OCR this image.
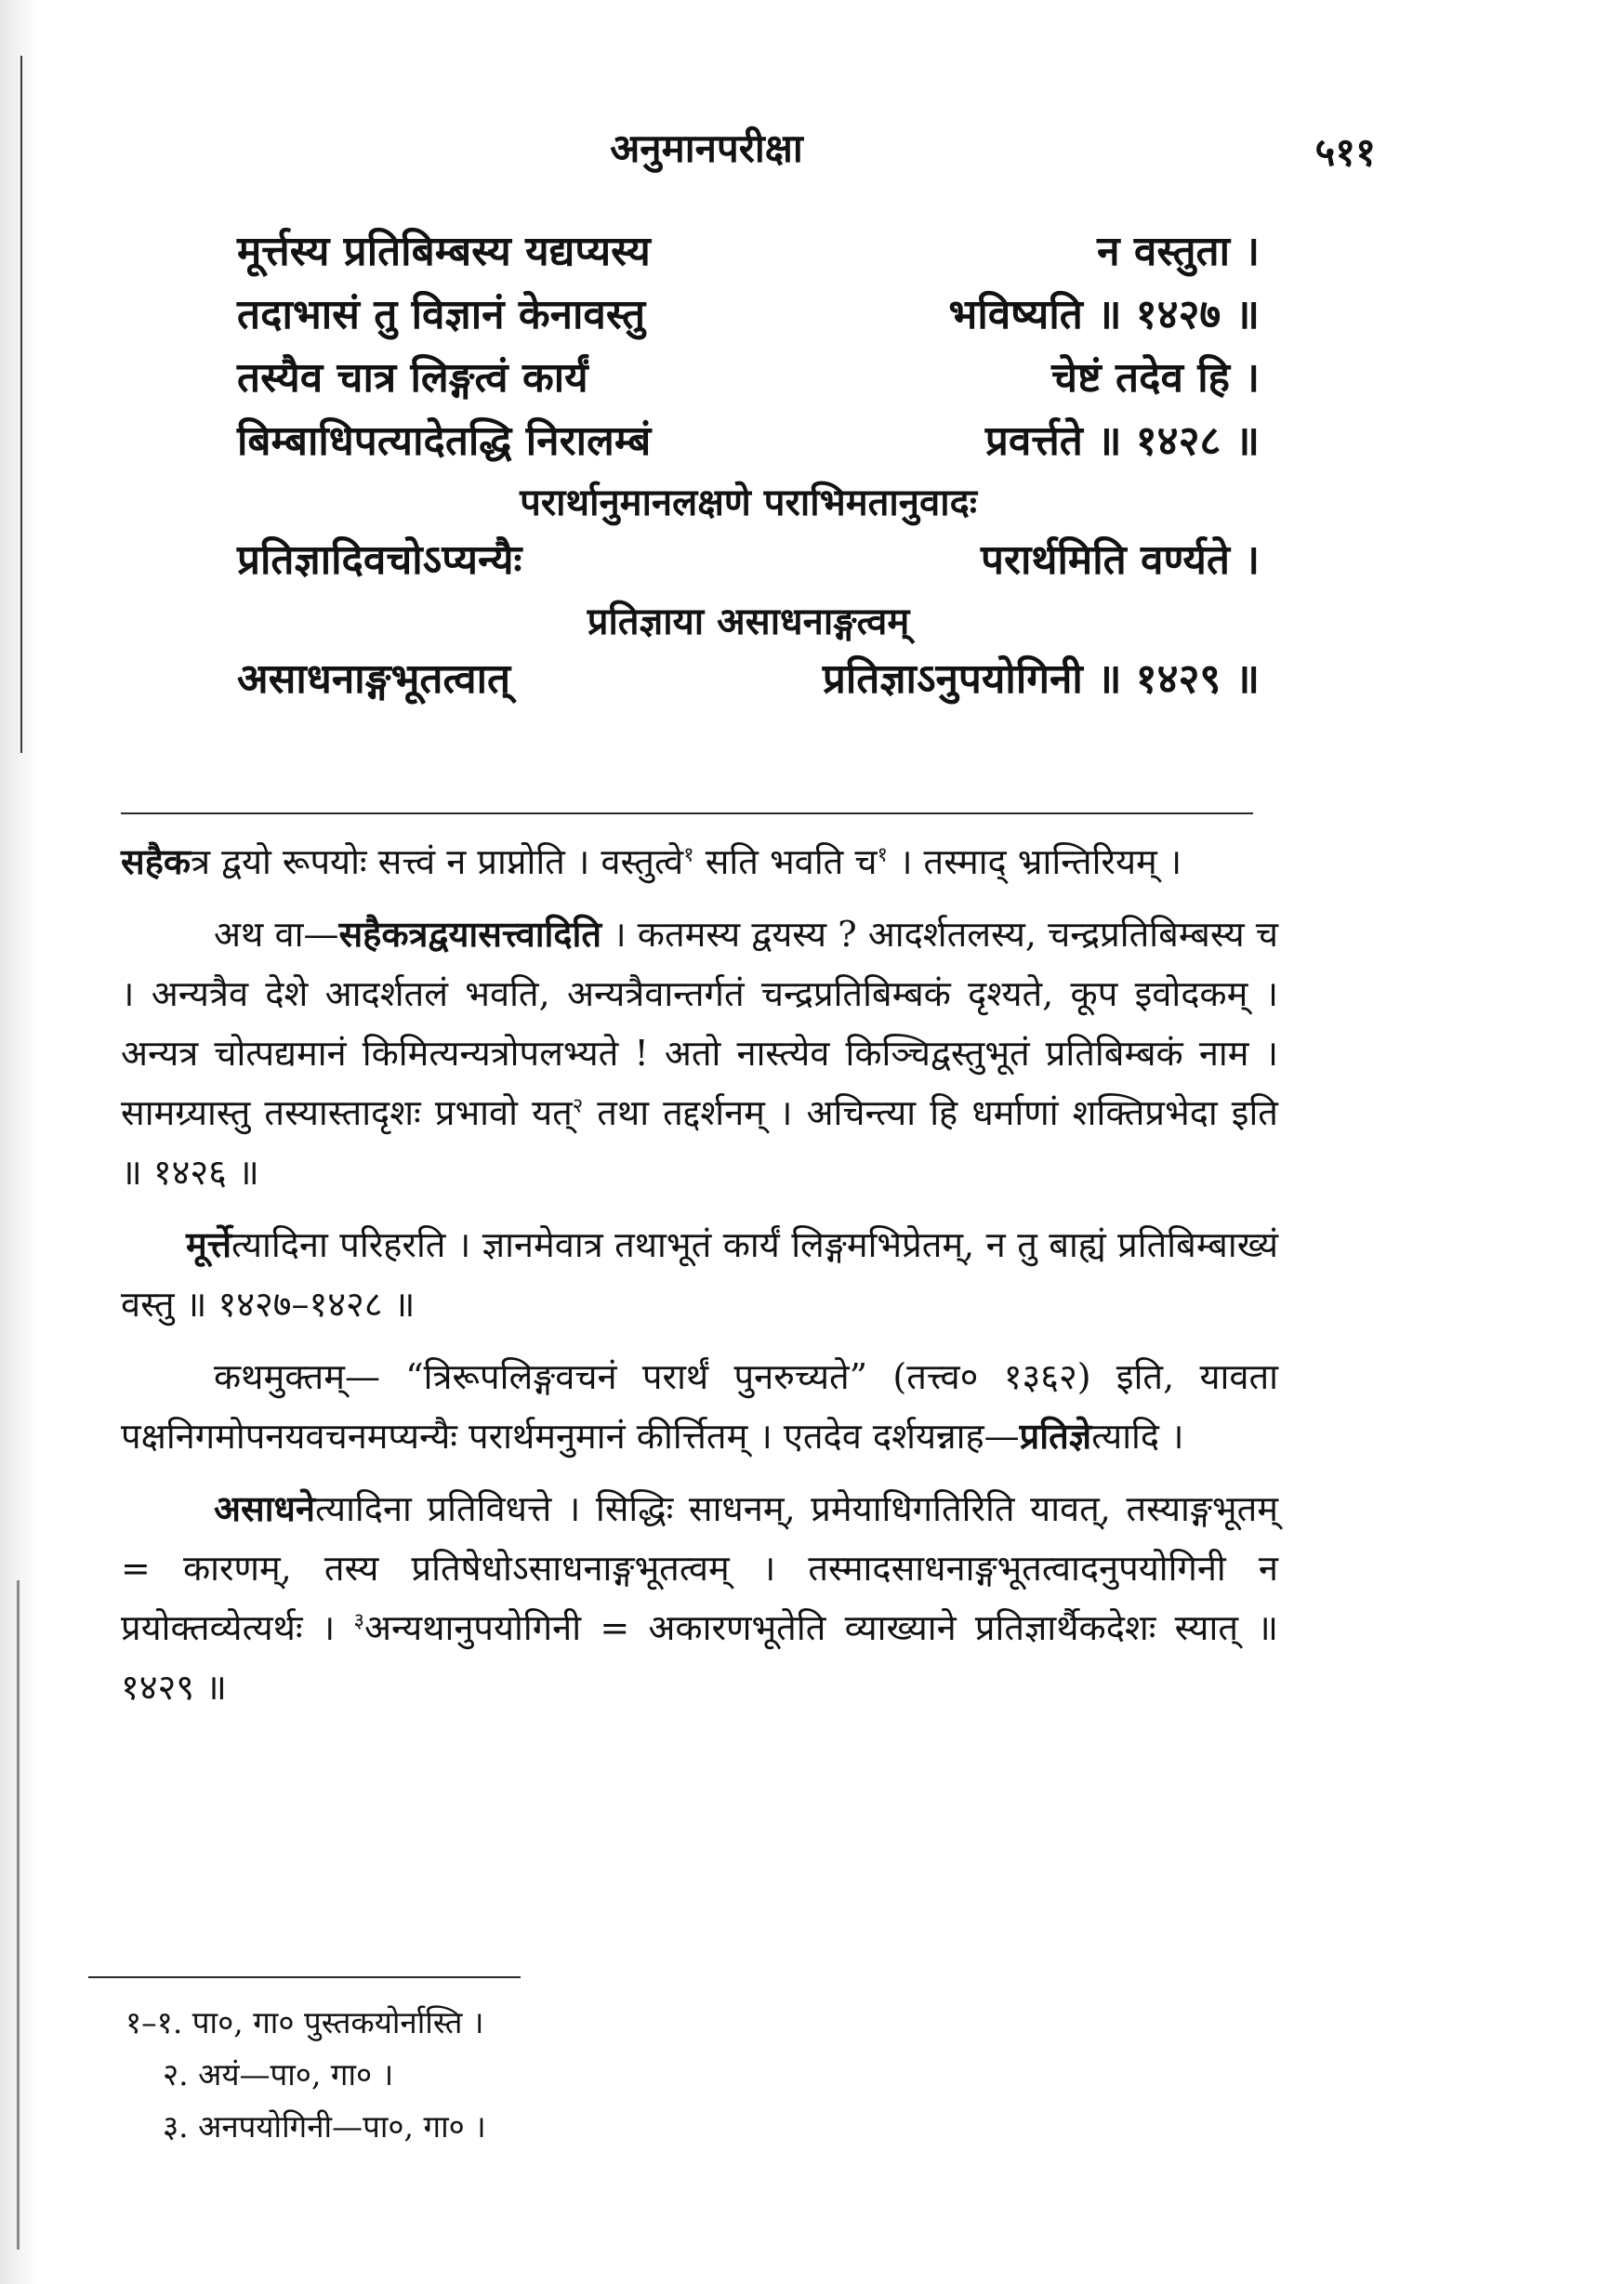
अनुमानपरीक्षा	५११
मूर्त्तस्य प्रतिबिम्बस्य यद्यप्यस्य	न वस्तुता ।
तदाभासं तु विज्ञानं केनावस्तु	भविष्यति ॥ १४२७ ॥
तस्यैव चात्र लिङ्गत्वं कार्यं	चेष्टं तदेव हि ।
बिम्बाधिपत्यादेतद्धि निरालम्बं	प्रवर्त्तते ॥ १४२८ ॥
परार्थानुमानलक्षणे पराभिमतानुवादः
प्रतिज्ञादिवचोऽप्यन्यैः	परार्थमिति वर्ण्यते ।
प्रतिज्ञाया असाधनाङ्गत्वम्
असाधनाङ्गभूतत्वात्	प्रतिज्ञाऽनुपयोगिनी ॥ १४२९ ॥

सहैकत्र द्वयो रूपयोः सत्त्वं न प्राप्नोति । वस्तुत्वे$^१$ सति भवति च$^१$ । तस्माद् भ्रान्तिरियम् ।

अथ वा—सहैकत्रद्वयासत्त्वादिति । कतमस्य द्वयस्य ? आदर्शतलस्य, चन्द्रप्रतिबिम्बस्य च । अन्यत्रैव देशे आदर्शतलं भवति, अन्यत्रैवान्तर्गतं चन्द्रप्रतिबिम्बकं दृश्यते, कूप इवोदकम् । अन्यत्र चोत्पद्यमानं किमित्यन्यत्रोपलभ्यते ! अतो नास्त्येव किञ्चिद्वस्तुभूतं प्रतिबिम्बकं नाम । सामग्र्यास्तु तस्यास्तादृशः प्रभावो यत्$^२$ तथा तद्दर्शनम् । अचिन्त्या हि धर्माणां शक्तिप्रभेदा इति ॥ १४२६ ॥

मूर्त्तेत्यादिना परिहरति । ज्ञानमेवात्र तथाभूतं कार्यं लिङ्गमभिप्रेतम्, न तु बाह्यं प्रतिबिम्बाख्यं वस्तु ॥ १४२७–१४२८ ॥

कथमुक्तम्— “त्रिरूपलिङ्गवचनं परार्थं पुनरुच्यते” (तत्त्व० १३६२) इति, यावता पक्षनिगमोपनयवचनमप्यन्यैः परार्थमनुमानं कीर्त्तितम् । एतदेव दर्शयन्नाह—प्रतिज्ञेत्यादि ।

असाधनेत्यादिना प्रतिविधत्ते । सिद्धिः साधनम्, प्रमेयाधिगतिरिति यावत्, तस्याङ्गभूतम् = कारणम्, तस्य प्रतिषेधोऽसाधनाङ्गभूतत्वम् । तस्मादसाधनाङ्गभूतत्वादनुपयोगिनी न प्रयोक्तव्येत्यर्थः । $^३$अन्यथानुपयोगिनी = अकारणभूतेति व्याख्याने प्रतिज्ञार्थैकदेशः स्यात् ॥ १४२९ ॥

१–१. पा०, गा० पुस्तकयोर्नास्ति ।
२. अयं—पा०, गा० ।
३. अनपयोगिनी—पा०, गा० ।
